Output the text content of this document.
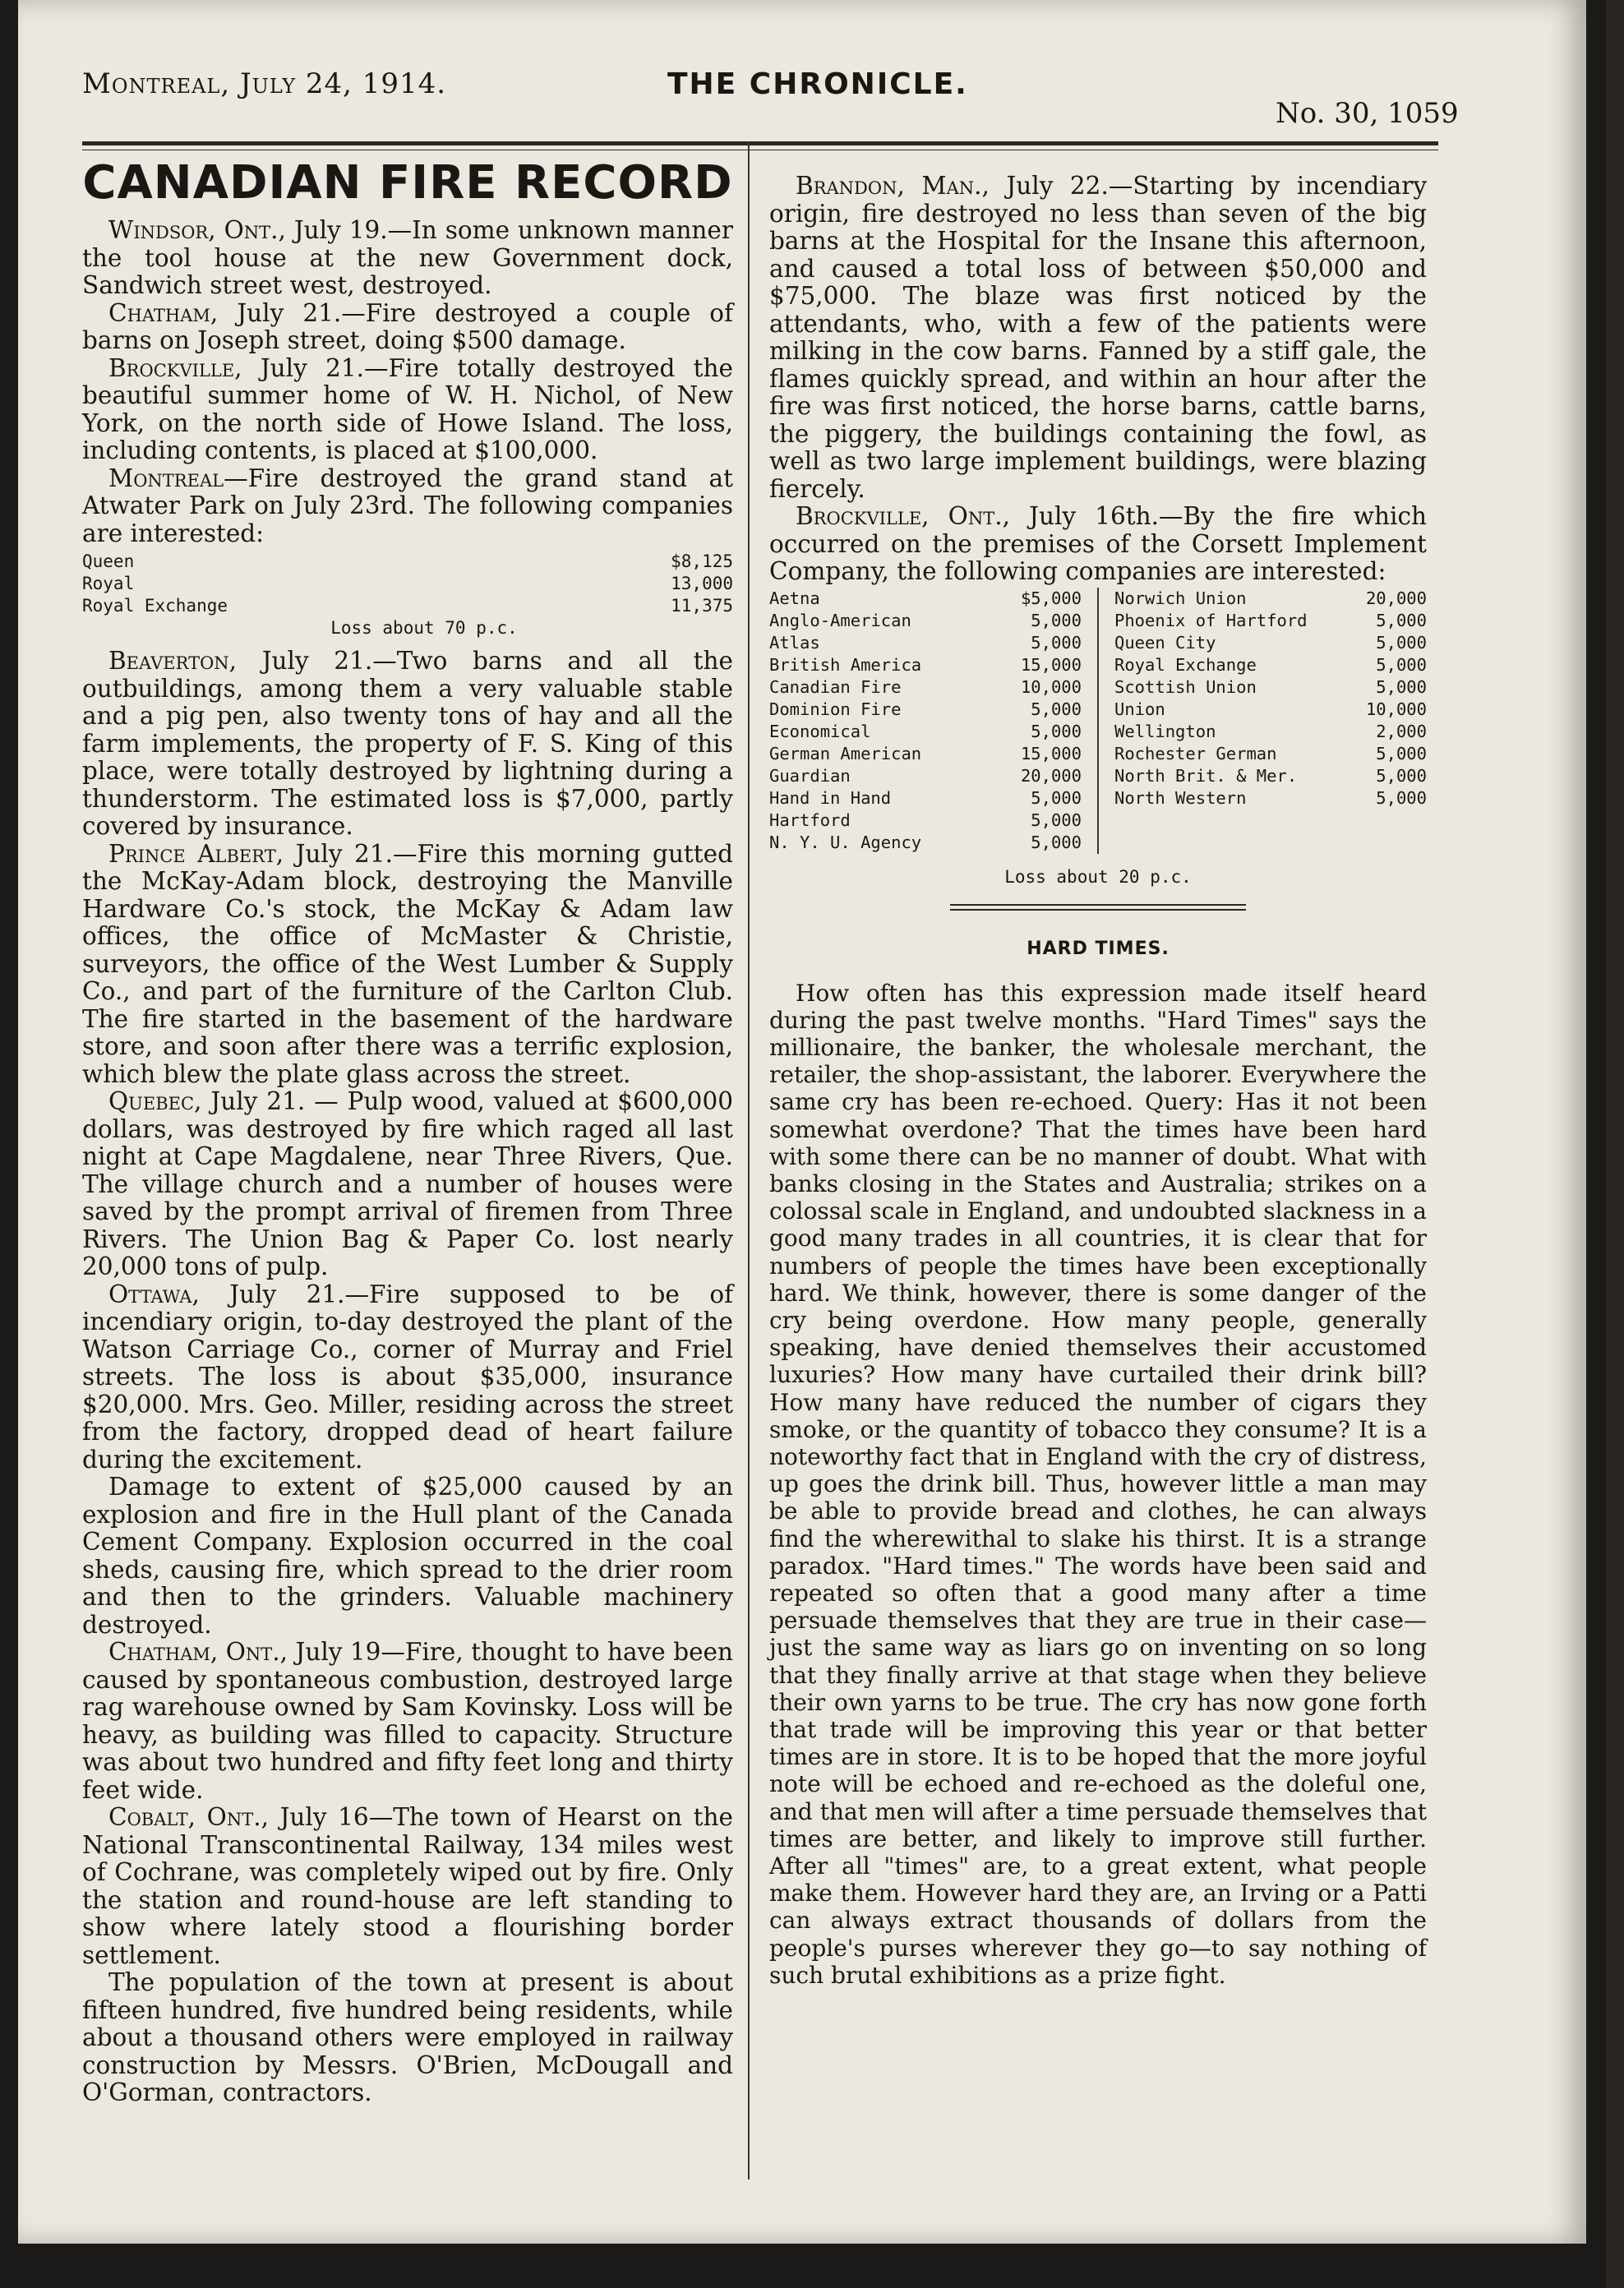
Montreal, July 24, 1914.	THE CHRONICLE.
No. 30, 1059
CANADIAN FIRE RECORD

Windsor, Ont., July 19.—In some unknown manner the tool house at the new Government dock, Sandwich street west, destroyed.

Chatham, July 21.—Fire destroyed a couple of barns on Joseph street, doing $500 damage.

Brockville, July 21.—Fire totally destroyed the beautiful summer home of W. H. Nichol, of New York, on the north side of Howe Island. The loss, including contents, is placed at $100,000.

Montreal—Fire destroyed the grand stand at Atwater Park on July 23rd. The following companies are interested:

Queen	$8,125
Royal	13,000
Royal Exchange	11,375
Loss about 70 p.c.

Beaverton, July 21.—Two barns and all the outbuildings, among them a very valuable stable and a pig pen, also twenty tons of hay and all the farm implements, the property of F. S. King of this place, were totally destroyed by lightning during a thunderstorm. The estimated loss is $7,000, partly covered by insurance.

Prince Albert, July 21.—Fire this morning gutted the McKay-Adam block, destroying the Manville Hardware Co.'s stock, the McKay & Adam law offices, the office of McMaster & Christie, surveyors, the office of the West Lumber & Supply Co., and part of the furniture of the Carlton Club. The fire started in the basement of the hardware store, and soon after there was a terrific explosion, which blew the plate glass across the street.

Quebec, July 21. — Pulp wood, valued at $600,000 dollars, was destroyed by fire which raged all last night at Cape Magdalene, near Three Rivers, Que. The village church and a number of houses were saved by the prompt arrival of firemen from Three Rivers. The Union Bag & Paper Co. lost nearly 20,000 tons of pulp.

Ottawa, July 21.—Fire supposed to be of incendiary origin, to-day destroyed the plant of the Watson Carriage Co., corner of Murray and Friel streets. The loss is about $35,000, insurance $20,000. Mrs. Geo. Miller, residing across the street from the factory, dropped dead of heart failure during the excitement.

Damage to extent of $25,000 caused by an explosion and fire in the Hull plant of the Canada Cement Company. Explosion occurred in the coal sheds, causing fire, which spread to the drier room and then to the grinders. Valuable machinery destroyed.

Chatham, Ont., July 19—Fire, thought to have been caused by spontaneous combustion, destroyed large rag warehouse owned by Sam Kovinsky. Loss will be heavy, as building was filled to capacity. Structure was about two hundred and fifty feet long and thirty feet wide.

Cobalt, Ont., July 16—The town of Hearst on the National Transcontinental Railway, 134 miles west of Cochrane, was completely wiped out by fire. Only the station and round-house are left standing to show where lately stood a flourishing border settlement.

The population of the town at present is about fifteen hundred, five hundred being residents, while about a thousand others were employed in railway construction by Messrs. O'Brien, McDougall and O'Gorman, contractors.

Brandon, Man., July 22.—Starting by incendiary origin, fire destroyed no less than seven of the big barns at the Hospital for the Insane this afternoon, and caused a total loss of between $50,000 and $75,000. The blaze was first noticed by the attendants, who, with a few of the patients were milking in the cow barns. Fanned by a stiff gale, the flames quickly spread, and within an hour after the fire was first noticed, the horse barns, cattle barns, the piggery, the buildings containing the fowl, as well as two large implement buildings, were blazing fiercely.

Brockville, Ont., July 16th.—By the fire which occurred on the premises of the Corsett Implement Company, the following companies are interested:

Aetna	$5,000
Anglo-American	5,000
Atlas	5,000
British America	15,000
Canadian Fire	10,000
Dominion Fire	5,000
Economical	5,000
German American	15,000
Guardian	20,000
Hand in Hand	5,000
Hartford	5,000
N. Y. U. Agency	5,000
Norwich Union	20,000
Phoenix of Hartford	5,000
Queen City	5,000
Royal Exchange	5,000
Scottish Union	5,000
Union	10,000
Wellington	2,000
Rochester German	5,000
North Brit. & Mer.	5,000
North Western	5,000
Loss about 20 p.c.
HARD TIMES.

How often has this expression made itself heard during the past twelve months. "Hard Times" says the millionaire, the banker, the wholesale merchant, the retailer, the shop-assistant, the laborer. Everywhere the same cry has been re-echoed. Query: Has it not been somewhat overdone? That the times have been hard with some there can be no manner of doubt. What with banks closing in the States and Australia; strikes on a colossal scale in England, and undoubted slackness in a good many trades in all countries, it is clear that for numbers of people the times have been exceptionally hard. We think, however, there is some danger of the cry being overdone. How many people, generally speaking, have denied themselves their accustomed luxuries? How many have curtailed their drink bill? How many have reduced the number of cigars they smoke, or the quantity of tobacco they consume? It is a noteworthy fact that in England with the cry of distress, up goes the drink bill. Thus, however little a man may be able to provide bread and clothes, he can always find the wherewithal to slake his thirst. It is a strange paradox. "Hard times." The words have been said and repeated so often that a good many after a time persuade themselves that they are true in their case—just the same way as liars go on inventing on so long that they finally arrive at that stage when they believe their own yarns to be true. The cry has now gone forth that trade will be improving this year or that better times are in store. It is to be hoped that the more joyful note will be echoed and re-echoed as the doleful one, and that men will after a time persuade themselves that times are better, and likely to improve still further. After all "times" are, to a great extent, what people make them. However hard they are, an Irving or a Patti can always extract thousands of dollars from the people's purses wherever they go—to say nothing of such brutal exhibitions as a prize fight.
